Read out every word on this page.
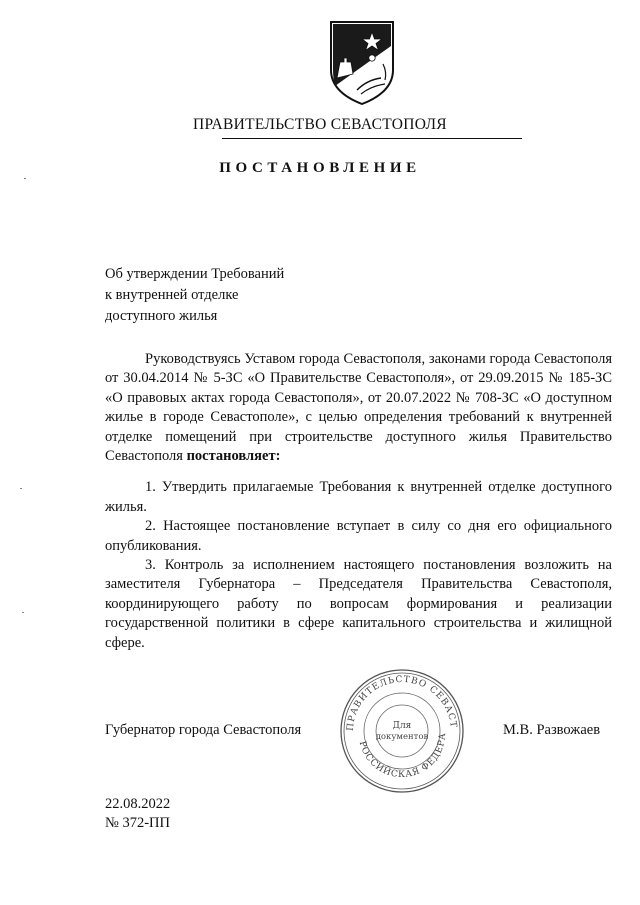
ПРАВИТЕЛЬСТВО СЕВАСТОПОЛЯ
ПОСТАНОВЛЕНИЕ
Об утверждении Требований
к внутренней отделке
доступного жилья

Руководствуясь Уставом города Севастополя, законами города Севастополя от 30.04.2014 № 5-ЗС «О Правительстве Севастополя», от 29.09.2015 № 185-ЗС «О правовых актах города Севастополя», от 20.07.2022 № 708-ЗС «О доступном жилье в городе Севастополе», с целью определения требований к внутренней отделке помещений при строительстве доступного жилья Правительство Севастополя постановляет:

1. Утвердить прилагаемые Требования к внутренней отделке доступного жилья.

2. Настоящее постановление вступает в силу со дня его официального опубликования.

3. Контроль за исполнением настоящего постановления возложить на заместителя Губернатора – Председателя Правительства Севастополя, координирующего работу по вопросам формирования и реализации государственной политики в сфере капитального строительства и жилищной сфере.

Губернатор города Севастополя	М.В. Развожаев
ПРАВИТЕЛЬСТВО СЕВАСТ
РОССИЙСКАЯ ФЕДЕРА
Для
документов
22.08.2022
№ 372-ПП
